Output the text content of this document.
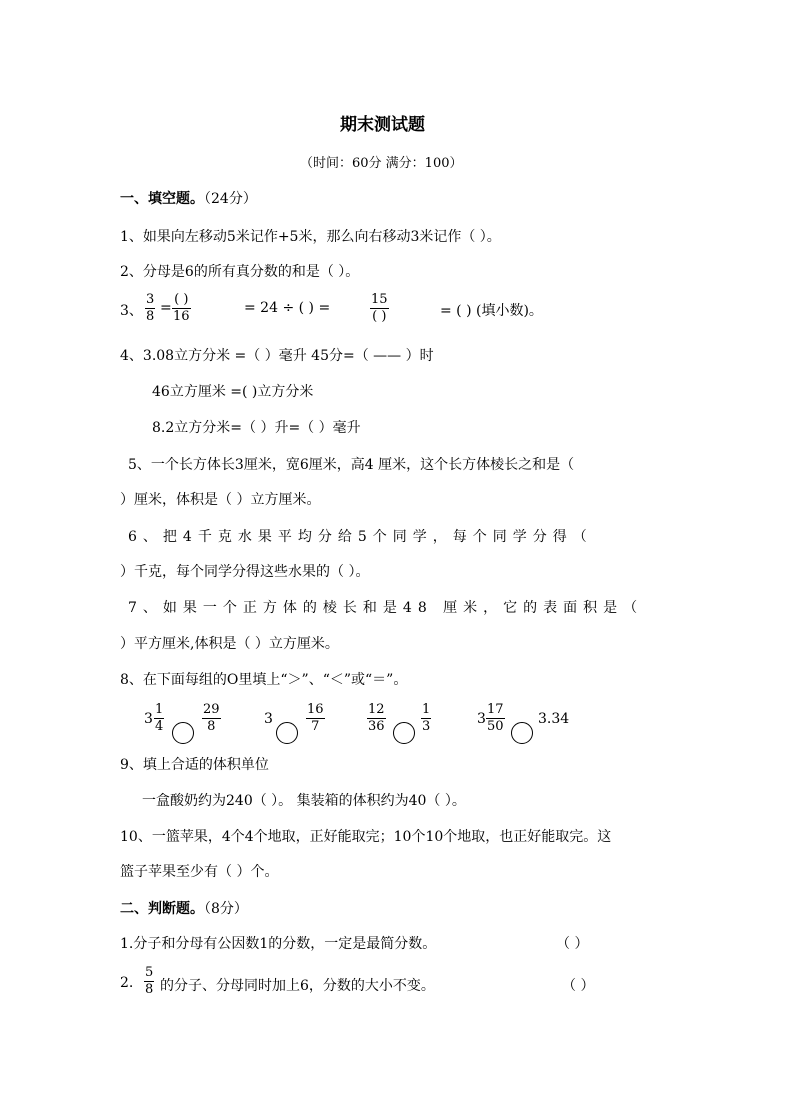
期末测试题
（时间：60分 满分：100）
一、填空题。（24分）
1、如果向左移动5米记作+5米，那么向右移动3米记作（ ）。
2、分母是6的所有真分数的和是（ ）。
3、
3
8
=
( )
16
= 24 ÷ ( ) =
15
( )	= ( ) (填小数)。
4、3.08立方分米 =（ ）毫升 45分=（ —— ）时
46立方厘米 =( )立方分米
8.2立方分米=（ ）升=（ ）毫升
5、一个长方体长3厘米，宽6厘米，高4 厘米，这个长方体棱长之和是（
）厘米，体积是（ ）立方厘米。
6、把4千克水果平均分给5个同学，每个同学分得（
）千克，每个同学分得这些水果的（ ）。
7、如果一个正方体的棱长和是48 厘米，它的表面积是（
）平方厘米,体积是（ ）立方厘米。
8、在下面每组的O里填上“＞”、“＜”或“＝”。
3
1
4
29
8	3
16
7
12
36
1
3	3
17
50 3.34
9、填上合适的体积单位
一盒酸奶约为240（ ）。 集装箱的体积约为40（ ）。
10、一篮苹果，4个4个地取，正好能取完；10个10个地取，也正好能取完。这
篮子苹果至少有（ ）个。
二、判断题。（8分）
1.分子和分母有公因数1的分数，一定是最简分数。	（ ）
2.
5
8 的分子、分母同时加上6，分数的大小不变。	（ ）
